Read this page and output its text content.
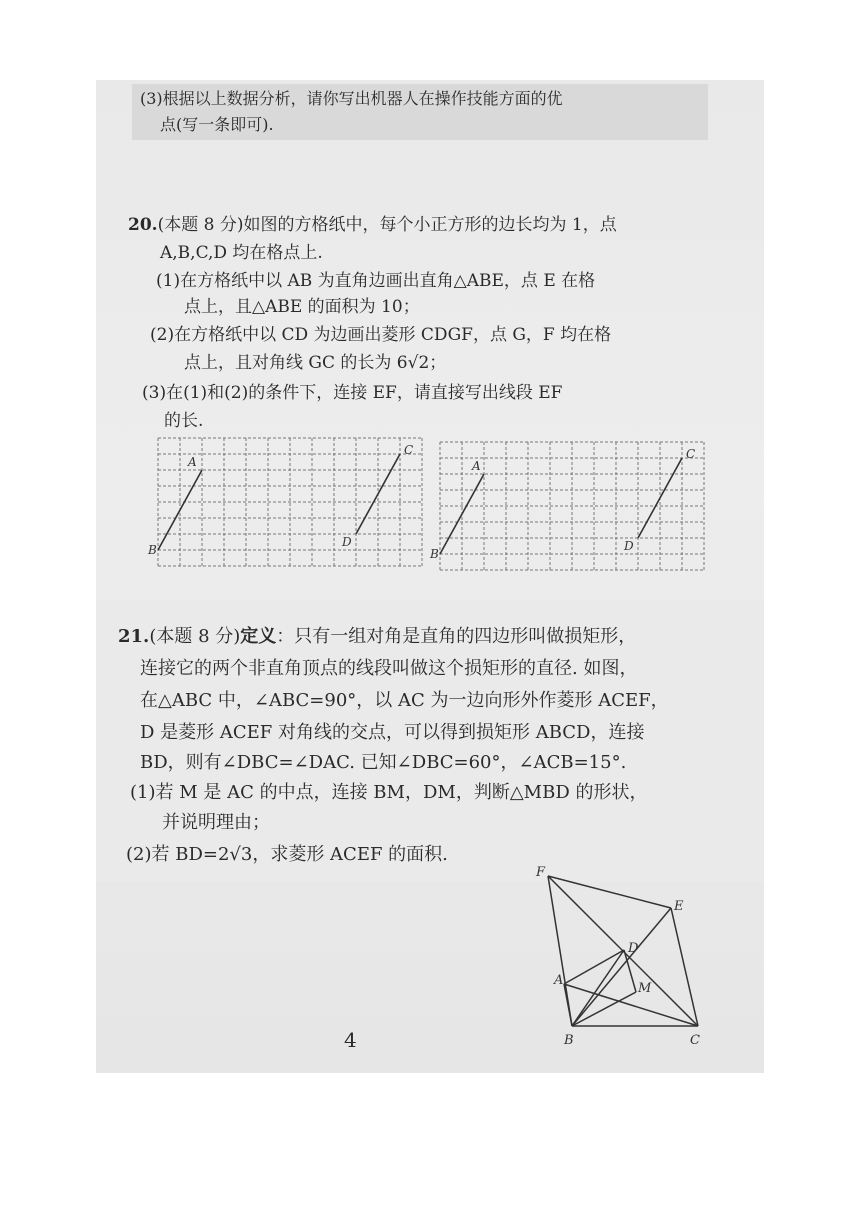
(3)根据以上数据分析，请你写出机器人在操作技能方面的优
点(写一条即可).
20.(本题 8 分)如图的方格纸中，每个小正方形的边长均为 1，点
A,B,C,D 均在格点上.
(1)在方格纸中以 AB 为直角边画出直角△ABE，点 E 在格
点上，且△ABE 的面积为 10；
(2)在方格纸中以 CD 为边画出菱形 CDGF，点 G，F 均在格
点上，且对角线 GC 的长为 6√2；
(3)在(1)和(2)的条件下，连接 EF，请直接写出线段 EF
的长.
A
B
C
D
A
B
C
D
21.(本题 8 分)定义：只有一组对角是直角的四边形叫做损矩形，
连接它的两个非直角顶点的线段叫做这个损矩形的直径. 如图，
在△ABC 中，∠ABC=90°，以 AC 为一边向形外作菱形 ACEF，
D 是菱形 ACEF 对角线的交点，可以得到损矩形 ABCD，连接
BD，则有∠DBC=∠DAC. 已知∠DBC=60°，∠ACB=15°.
(1)若 M 是 AC 的中点，连接 BM，DM，判断△MBD 的形状，
并说明理由；
(2)若 BD=2√3，求菱形 ACEF 的面积.
F
E
D
A
M
B	C
4
